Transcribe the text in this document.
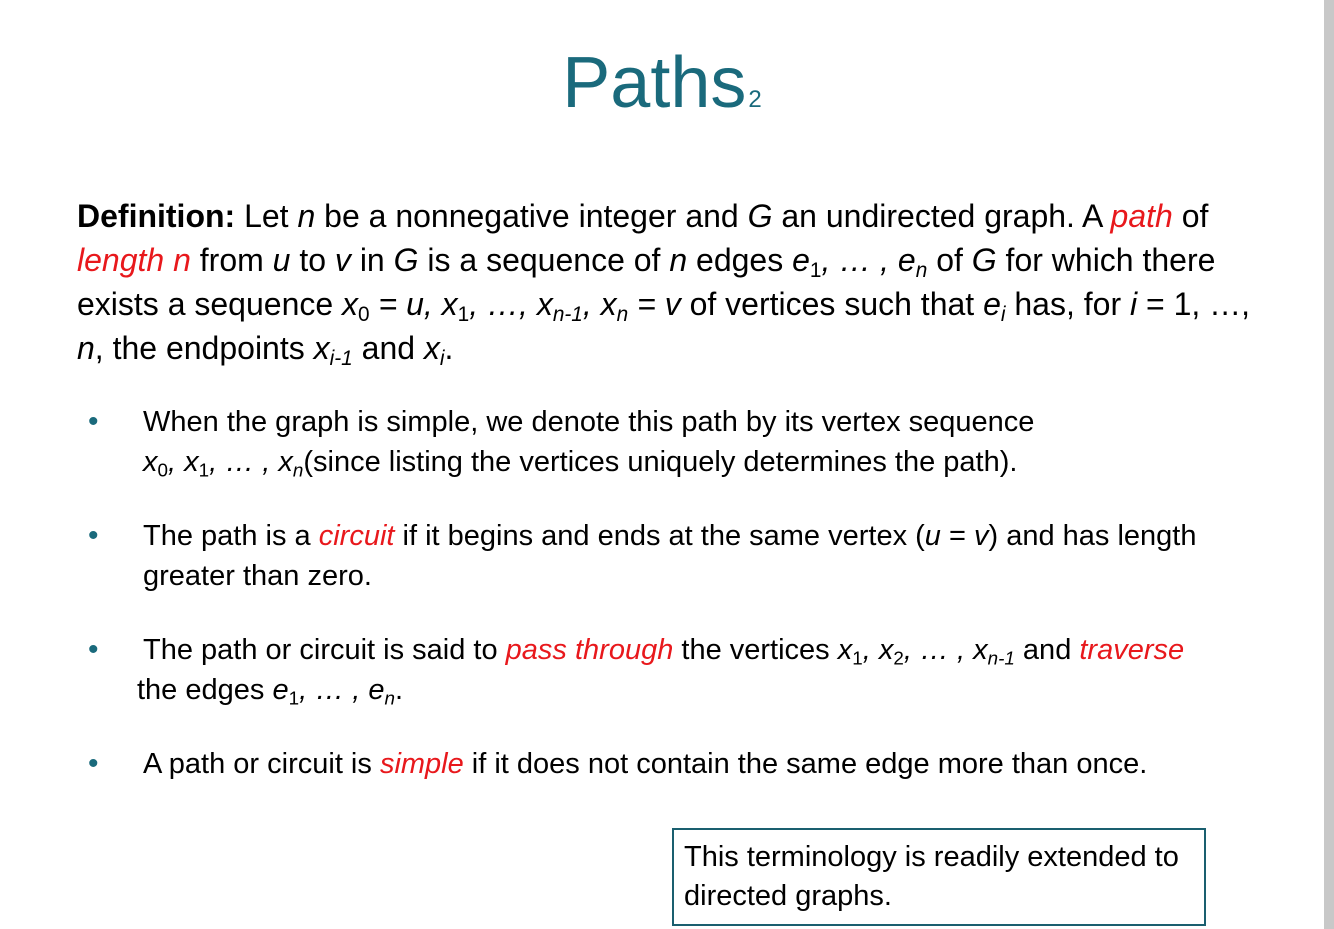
Paths2
Definition: Let n be a nonnegative integer and G an undirected graph. A path of length n from u to v in G is a sequence of n edges $e_1$, … , $e_n$ of G for which there exists a sequence $x_0 = u$, $x_1$, …, $x_{n-1}$, $x_n = v$ of vertices such that $e_i$ has, for i = 1, …, n, the endpoints $x_{i-1}$ and $x_i$.
•	When the graph is simple, we denote this path by its vertex sequence
$x_0$, $x_1$, … , $x_n(since$ listing the vertices uniquely determines the path).
•	The path is a circuit if it begins and ends at the same vertex (u = v) and has length greater than zero.
•	The path or circuit is said to pass through the vertices $x_1$, $x_2$, … , $x_{n-1}$ and traverse
the edges $e_1$, … , $e_n$.
•	A path or circuit is simple if it does not contain the same edge more than once.
This terminology is readily extended to directed graphs.
